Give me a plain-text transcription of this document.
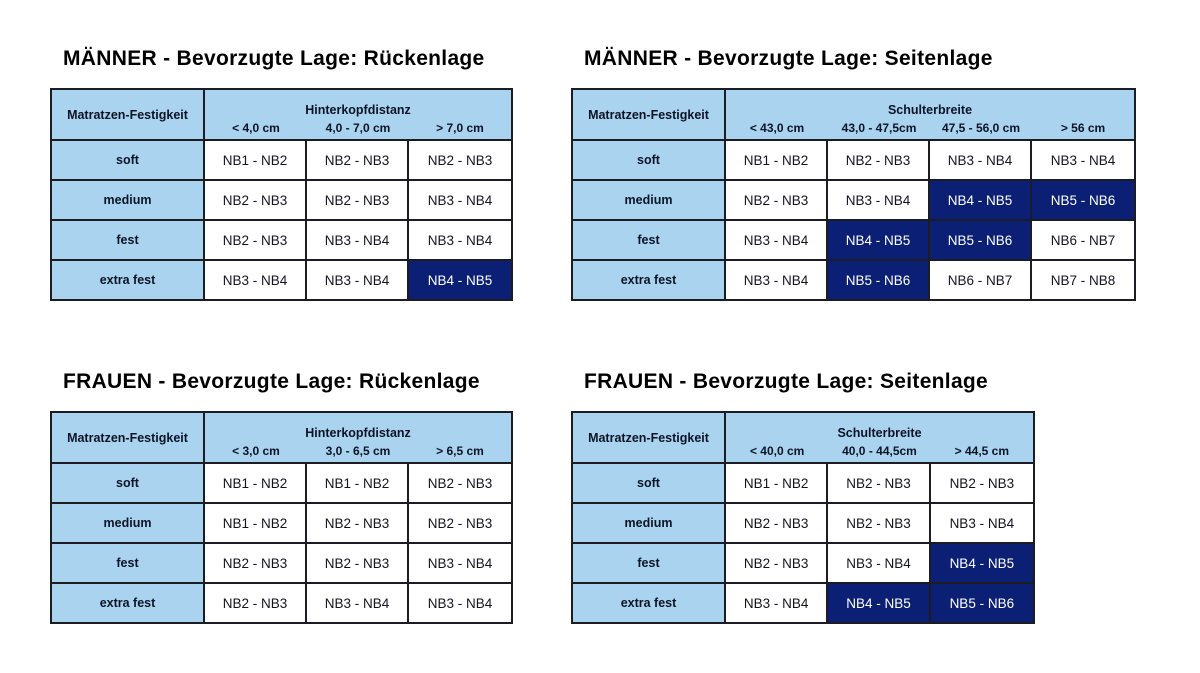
MÄNNER - Bevorzugte Lage: Rückenlage
Matratzen-Festigkeit	Hinterkopfdistanz
< 4,0 cm	4,0 - 7,0 cm	> 7,0 cm
soft	NB1 - NB2	NB2 - NB3	NB2 - NB3
medium	NB2 - NB3	NB2 - NB3	NB3 - NB4
fest	NB2 - NB3	NB3 - NB4	NB3 - NB4
extra fest	NB3 - NB4	NB3 - NB4	NB4 - NB5
MÄNNER - Bevorzugte Lage: Seitenlage
Matratzen-Festigkeit	Schulterbreite
< 43,0 cm	43,0 - 47,5cm	47,5 - 56,0 cm	> 56 cm
soft	NB1 - NB2	NB2 - NB3	NB3 - NB4	NB3 - NB4
medium	NB2 - NB3	NB3 - NB4	NB4 - NB5	NB5 - NB6
fest	NB3 - NB4	NB4 - NB5	NB5 - NB6	NB6 - NB7
extra fest	NB3 - NB4	NB5 - NB6	NB6 - NB7	NB7 - NB8
FRAUEN - Bevorzugte Lage: Rückenlage
Matratzen-Festigkeit	Hinterkopfdistanz
< 3,0 cm	3,0 - 6,5 cm	> 6,5 cm
soft	NB1 - NB2	NB1 - NB2	NB2 - NB3
medium	NB1 - NB2	NB2 - NB3	NB2 - NB3
fest	NB2 - NB3	NB2 - NB3	NB3 - NB4
extra fest	NB2 - NB3	NB3 - NB4	NB3 - NB4
FRAUEN - Bevorzugte Lage: Seitenlage
Matratzen-Festigkeit	Schulterbreite
< 40,0 cm	40,0 - 44,5cm	> 44,5 cm
soft	NB1 - NB2	NB2 - NB3	NB2 - NB3
medium	NB2 - NB3	NB2 - NB3	NB3 - NB4
fest	NB2 - NB3	NB3 - NB4	NB4 - NB5
extra fest	NB3 - NB4	NB4 - NB5	NB5 - NB6
